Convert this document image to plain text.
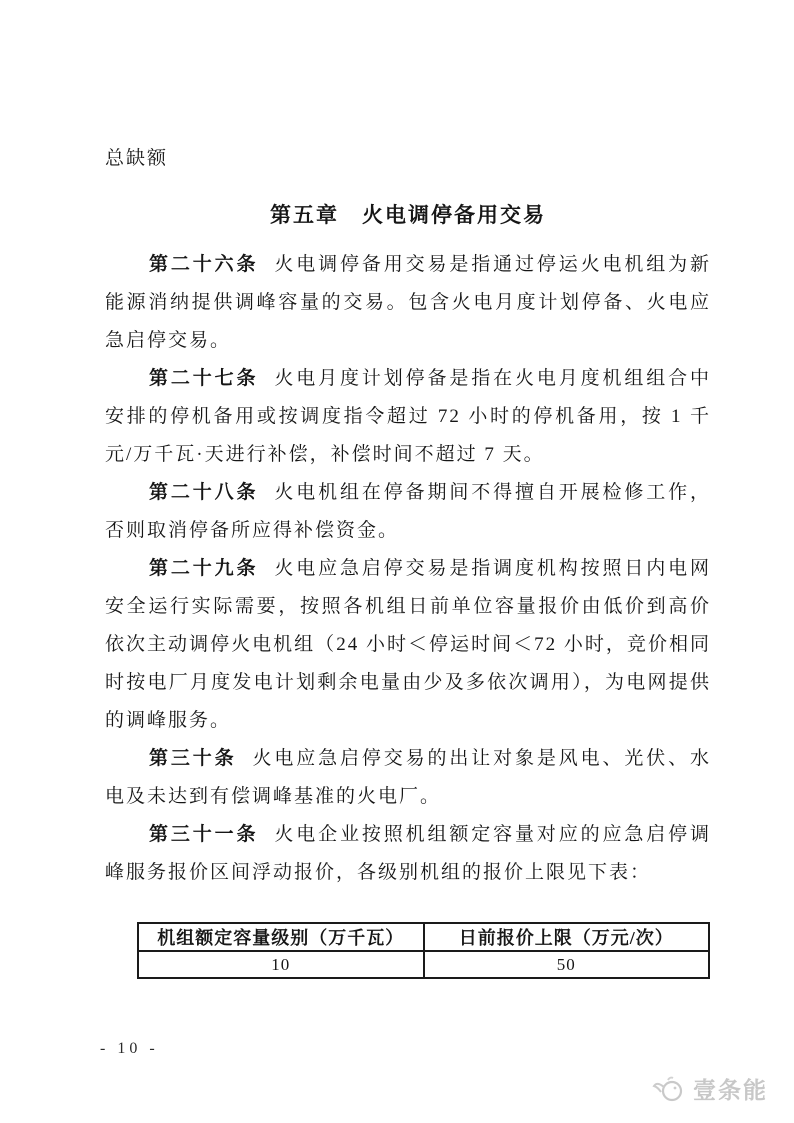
总缺额

第五章　火电调停备用交易

第二十六条 火电调停备用交易是指通过停运火电机组为新能源消纳提供调峰容量的交易。包含火电月度计划停备、火电应急启停交易。

第二十七条 火电月度计划停备是指在火电月度机组组合中安排的停机备用或按调度指令超过 72 小时的停机备用，按 1 千元/万千瓦·天进行补偿，补偿时间不超过 7 天。

第二十八条 火电机组在停备期间不得擅自开展检修工作，否则取消停备所应得补偿资金。

第二十九条 火电应急启停交易是指调度机构按照日内电网安全运行实际需要，按照各机组日前单位容量报价由低价到高价依次主动调停火电机组（24 小时＜停运时间＜72 小时，竞价相同时按电厂月度发电计划剩余电量由少及多依次调用），为电网提供的调峰服务。

第三十条 火电应急启停交易的出让对象是风电、光伏、水电及未达到有偿调峰基准的火电厂。

第三十一条 火电企业按照机组额定容量对应的应急启停调峰服务报价区间浮动报价，各级别机组的报价上限见下表：

机组额定容量级别（万千瓦）	日前报价上限（万元/次）
10	50
- 10 -
壹条能
